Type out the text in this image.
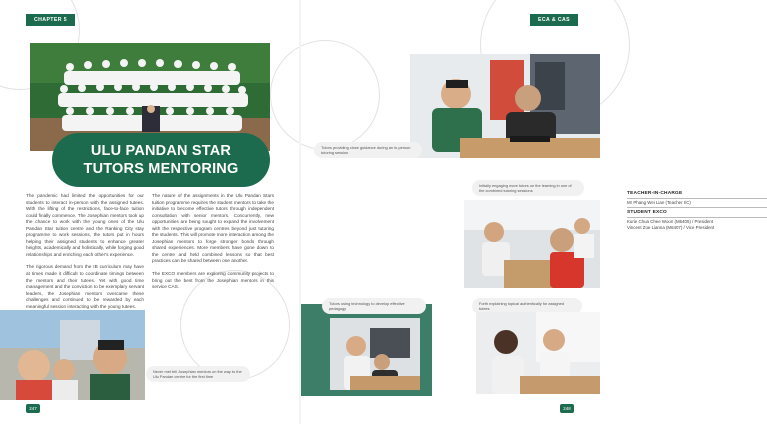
CHAPTER 5
ULU PANDAN STAR
TUTORS MENTORING

The pandemic had limited the opportunities for our students to interact in-person with the assigned tutees. With the lifting of the restrictions, face-to-face tuition could finally commence. The Josephian mentors took up the chance to work with the young ones of the Ulu Pandan Star tuition centre and the Ranking City stay programme to work sessions, the tutors put in hours helping their assigned students to enhance greater heights, academically and holistically, while forging good relationships and enriching each other's experience.

The rigorous demand from the IB curriculum may have at times made it difficult to coordinate timings between the mentors and their tutees. Yet with good time management and the conviction to be exemplary servant leaders, the Josephian mentors overcame these challenges and continued to be rewarded by each meaningful session interacting with the young tutees.

The nature of the assignments in the Ulu Pandan Stars tuition programme requires the student mentors to take the initiative to become effective tutors through independent consultation with senior mentors. Concurrently, new opportunities are being sought to expand the involvement with the respective program centres beyond just tutoring the students. This will promote more interaction among the Josephian mentors to forge stronger bonds through shared experiences. More members have gone down to the centre and held combined lessons so that best practices can be shared between one another.

The EXCO members are exploring community projects to bring out the best from the Josephian mentors in this service CAS.

Never met fell Josephian mentors on the way to the Ulu Pandan centre for the first time
247
ECA & CAS
Tutors providing close guidance during an in-person tutoring session
TEACHER-IN-CHARGE
Mr Phang Wei Lian (Teacher I/C)
STUDENT EXCO
Kurie Chua Chee Woon (M6405) / President
Vincent Zoe Lianna (M6407) / Vice President
Initially engaging more tutors on the learning in one of the combined tutoring sessions
Tutors using technology to develop effective pedagogy
Forth explaining topical authentically for assigned tutees
248
